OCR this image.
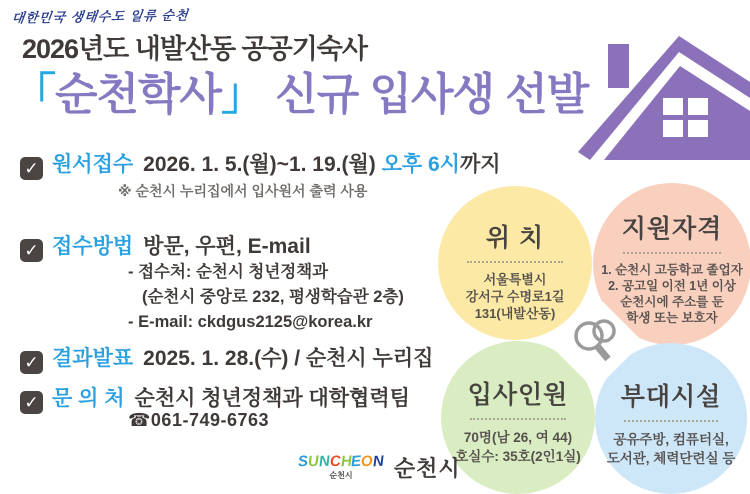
대한민국 생태수도 일류 순천
2026년도 내발산동 공공기숙사
「순천학사」 신규 입사생 선발
✓ 원서접수 2026. 1. 5.(월)~1. 19.(월) 오후 6시까지
※ 순천시 누리집에서 입사원서 출력 사용
✓ 접수방법 방문, 우편, E-mail
- 접수처: 순천시 청년정책과
(순천시 중앙로 232, 평생학습관 2층)
- E-mail: ckdgus2125@korea.kr
✓ 결과발표 2025. 1. 28.(수) / 순천시 누리집
✓ 문 의 처 순천시 청년정책과 대학협력팀
☎061-749-6763
위 치
서울특별시
강서구 수명로1길
131(내발산동)
지원자격
1. 순천시 고등학교 졸업자
2. 공고일 이전 1년 이상
순천시에 주소를 둔
학생 또는 보호자
입사인원
70명(남 26, 여 44)
호실수: 35호(2인1실)
부대시설
공유주방, 컴퓨터실,
도서관, 체력단련실 등
SUNCHEON
순천시 순천시
